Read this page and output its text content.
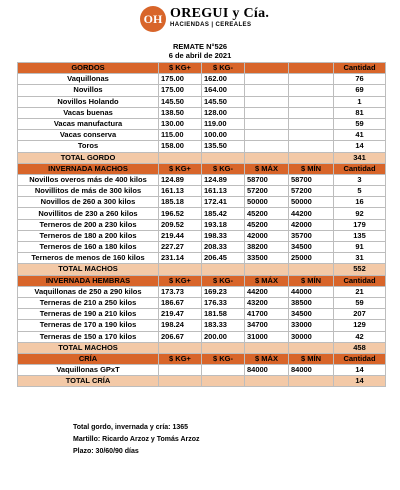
OH OREGUI y Cía.
HACIENDAS | CEREALES
REMATE N°526
6 de abril de 2021
GORDOS	$ KG+	$ KG-			Cantidad
Vaquillonas	175.00	162.00			76
Novillos	175.00	164.00			69
Novillos Holando	145.50	145.50			1
Vacas buenas	138.50	128.00			81
Vacas manufactura	130.00	119.00			59
Vacas conserva	115.00	100.00			41
Toros	158.00	135.50			14
TOTAL GORDO					341
INVERNADA MACHOS	$ KG+	$ KG-	$ MÁX	$ MÍN	Cantidad
Novillos overos más de 400 kilos	124.89	124.89	58700	58700	3
Novillitos de más de 300 kilos	161.13	161.13	57200	57200	5
Novillos de 260 a 300 kilos	185.18	172.41	50000	50000	16
Novillitos de 230 a 260 kilos	196.52	185.42	45200	44200	92
Terneros de 200 a 230 kilos	209.52	193.18	45200	42000	179
Terneros de 180 a 200 kilos	219.44	198.33	42000	35700	135
Terneros de 160 a 180 kilos	227.27	208.33	38200	34500	91
Terneros de menos de 160 kilos	231.14	206.45	33500	25000	31
TOTAL MACHOS					552
INVERNADA HEMBRAS	$ KG+	$ KG-	$ MÁX	$ MÍN	Cantidad
Vaquillonas de 250 a 290 kilos	173.73	169.23	44200	44000	21
Terneras de 210 a 250 kilos	186.67	176.33	43200	38500	59
Terneras de 190 a 210 kilos	219.47	181.58	41700	34500	207
Terneras de 170 a 190 kilos	198.24	183.33	34700	33000	129
Terneras de 150 a 170 kilos	206.67	200.00	31000	30000	42
TOTAL MACHOS					458
CRÍA	$ KG+	$ KG-	$ MÁX	$ MÍN	Cantidad
Vaquillonas GPxT			84000	84000	14
TOTAL CRÍA					14
Total gordo, invernada y cría: 1365
Martillo: Ricardo Arzoz y Tomás Arzoz
Plazo: 30/60/90 días
